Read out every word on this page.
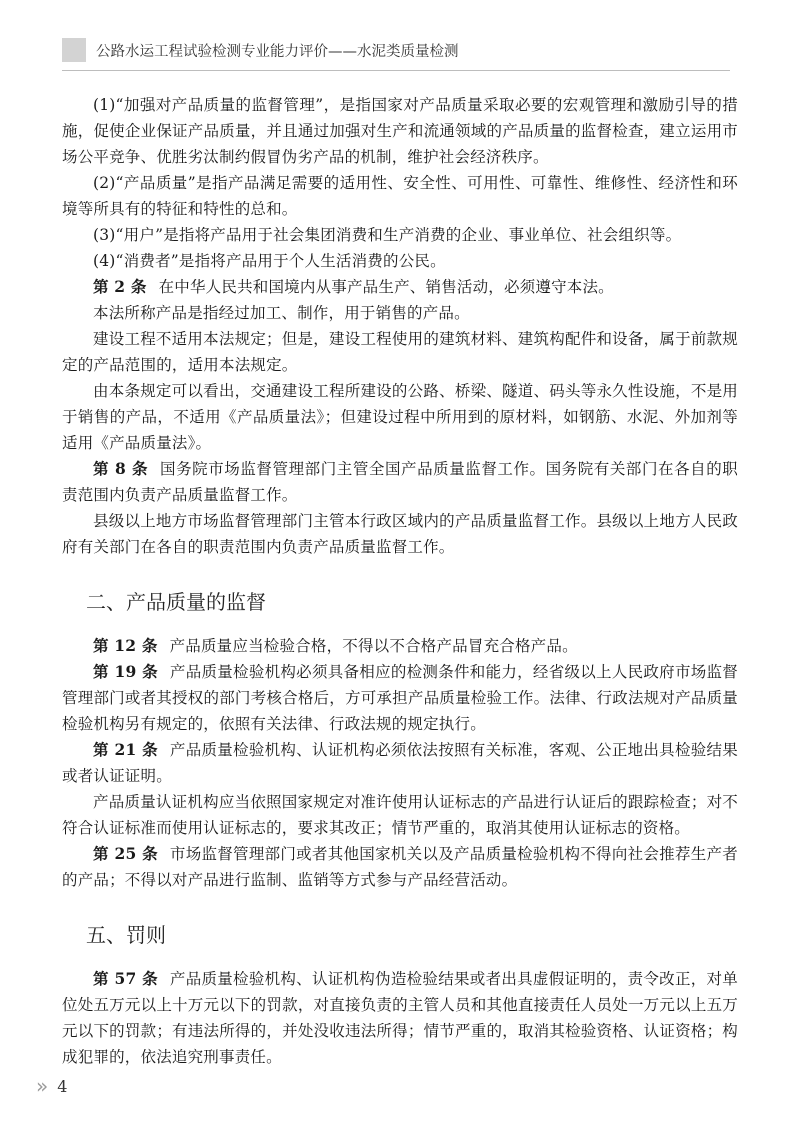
公路水运工程试验检测专业能力评价——水泥类质量检测

(1)“加强对产品质量的监督管理”，是指国家对产品质量采取必要的宏观管理和激励引导的措施，促使企业保证产品质量，并且通过加强对生产和流通领域的产品质量的监督检查，建立运用市场公平竞争、优胜劣汰制约假冒伪劣产品的机制，维护社会经济秩序。

(2)“产品质量”是指产品满足需要的适用性、安全性、可用性、可靠性、维修性、经济性和环境等所具有的特征和特性的总和。

(3)“用户”是指将产品用于社会集团消费和生产消费的企业、事业单位、社会组织等。

(4)“消费者”是指将产品用于个人生活消费的公民。

第 2 条 在中华人民共和国境内从事产品生产、销售活动，必须遵守本法。

本法所称产品是指经过加工、制作，用于销售的产品。

建设工程不适用本法规定；但是，建设工程使用的建筑材料、建筑构配件和设备，属于前款规定的产品范围的，适用本法规定。

由本条规定可以看出，交通建设工程所建设的公路、桥梁、隧道、码头等永久性设施，不是用于销售的产品，不适用《产品质量法》；但建设过程中所用到的原材料，如钢筋、水泥、外加剂等适用《产品质量法》。

第 8 条 国务院市场监督管理部门主管全国产品质量监督工作。国务院有关部门在各自的职责范围内负责产品质量监督工作。

县级以上地方市场监督管理部门主管本行政区域内的产品质量监督工作。县级以上地方人民政府有关部门在各自的职责范围内负责产品质量监督工作。

二、产品质量的监督

第 12 条 产品质量应当检验合格，不得以不合格产品冒充合格产品。

第 19 条 产品质量检验机构必须具备相应的检测条件和能力，经省级以上人民政府市场监督管理部门或者其授权的部门考核合格后，方可承担产品质量检验工作。法律、行政法规对产品质量检验机构另有规定的，依照有关法律、行政法规的规定执行。

第 21 条 产品质量检验机构、认证机构必须依法按照有关标准，客观、公正地出具检验结果或者认证证明。

产品质量认证机构应当依照国家规定对准许使用认证标志的产品进行认证后的跟踪检查；对不符合认证标准而使用认证标志的，要求其改正；情节严重的，取消其使用认证标志的资格。

第 25 条 市场监督管理部门或者其他国家机关以及产品质量检验机构不得向社会推荐生产者的产品；不得以对产品进行监制、监销等方式参与产品经营活动。

五、罚则

第 57 条 产品质量检验机构、认证机构伪造检验结果或者出具虚假证明的，责令改正，对单位处五万元以上十万元以下的罚款，对直接负责的主管人员和其他直接责任人员处一万元以上五万元以下的罚款；有违法所得的，并处没收违法所得；情节严重的，取消其检验资格、认证资格；构成犯罪的，依法追究刑事责任。

» 4
